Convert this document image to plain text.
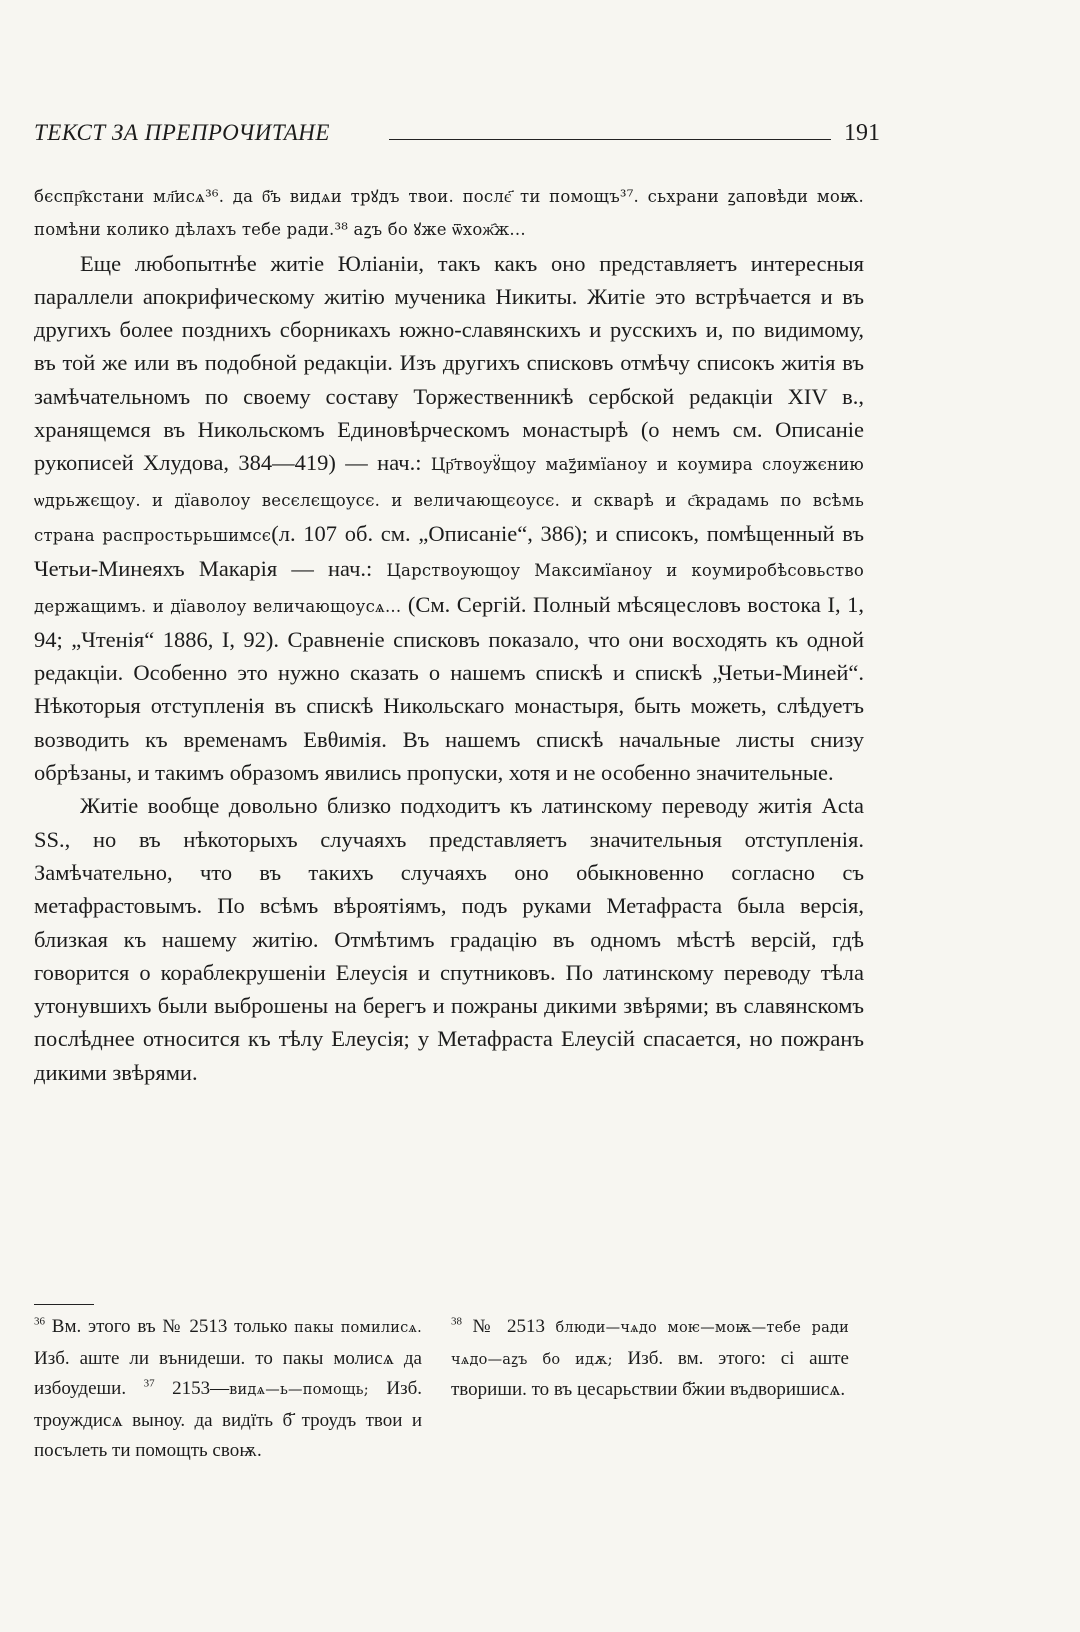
ТЕКСТ ЗА ПРЕПРОЧИТАНЕ	191

бєспр҄кстани мл҃исѧ³⁶. да б҃ъ видѧи трꙋдъ твои. послє҃ ти помощъ³⁷. сьхрани ꙁаповѣди моѭ. помѣни колико дѣлахъ тебе ради.³⁸ аꙁъ бо ꙋже ѿхож҄ж...

Еще любопытнѣе житіе Юліаніи, такъ какъ оно представляетъ интересныя параллели апокрифическому житію мученика Никиты. Житіе это встрѣчается и въ другихъ более позднихъ сборникахъ южно-славянскихъ и русскихъ и, по видимому, въ той же или въ подобной редакціи. Изъ другихъ списковъ отмѣчу списокъ житія въ замѣчательномъ по своему составу Торжественникѣ сербской редакціи XIV в., хранящемся въ Никольскомъ Единовѣрческомъ монастырѣ (о немъ см. Описаніе рукописей Хлудова, 384—419) — нач.: Цр҃твоуꙋ̈щоу маꙁ҃имїаноу и коумира слоужєнию ѡдрьжєщоу. и дїаволоу весєлєщоусє. и величающєоусє. и скварѣ и с҄крадамь по всѣмь страна распростьрьшимсє(л. 107 об. см. „Описаніе“, 386); и списокъ, помѣщенный въ Четьи-Минеяхъ Макарія — нач.: Царствоующоу Максимїаноу и коумиробѣсовьство держащимъ. и дїаволоу величающоусѧ... (См. Сергій. Полный мѣсяцесловъ востока I, 1, 94; „Чтенія“ 1886, I, 92). Сравненіе списковъ показало, что они восходять къ одной редакціи. Особенно это нужно сказать о нашемъ спискѣ и спискѣ „Четьи-Миней“. Нѣкоторыя отступленія въ спискѣ Никольскаго монастыря, быть можеть, слѣдуетъ возводить къ временамъ Евθимія. Въ нашемъ спискѣ начальные листы снизу обрѣзаны, и такимъ образомъ явились пропуски, хотя и не особенно значительные.

Житіе вообще довольно близко подходитъ къ латинскому переводу житія Acta SS., но въ нѣкоторыхъ случаяхъ представляетъ значительныя отступленія. Замѣчательно, что въ такихъ случаяхъ оно обыкновенно согласно съ метафрастовымъ. По всѣмъ вѣроятіямъ, подъ руками Метафраста была версія, близкая къ нашему житію. Отмѣтимъ градацію въ одномъ мѣстѣ версій, гдѣ говорится о кораблекрушеніи Елеусія и спутниковъ. По латинскому переводу тѣла утонувшихъ были выброшены на берегъ и пожраны дикими звѣрями; въ славянскомъ послѣднее относится къ тѣлу Елеусія; у Метафраста Елеусій спасается, но пожранъ дикими звѣрями.

$^{36}$ Вм. этого въ № 2513 только пакы помилисѧ. Изб. аште ли вънидеши. то пакы молисѧ да избоудеши. $^{37}$ 2153—видѧ—ь—помощь; Изб. троуждисѧ выноу. да видїть б҃ троудъ твои и посълеть ти помощть своѭ.
$^{38}$ № 2513 блюди—чѧдо моѥ—моѭ—тебе ради чѧдо—аꙁъ бо идѫ; Изб. вм. этого: сі аште твориши. то въ цесарьствии б҃жии въдворишисѧ.
